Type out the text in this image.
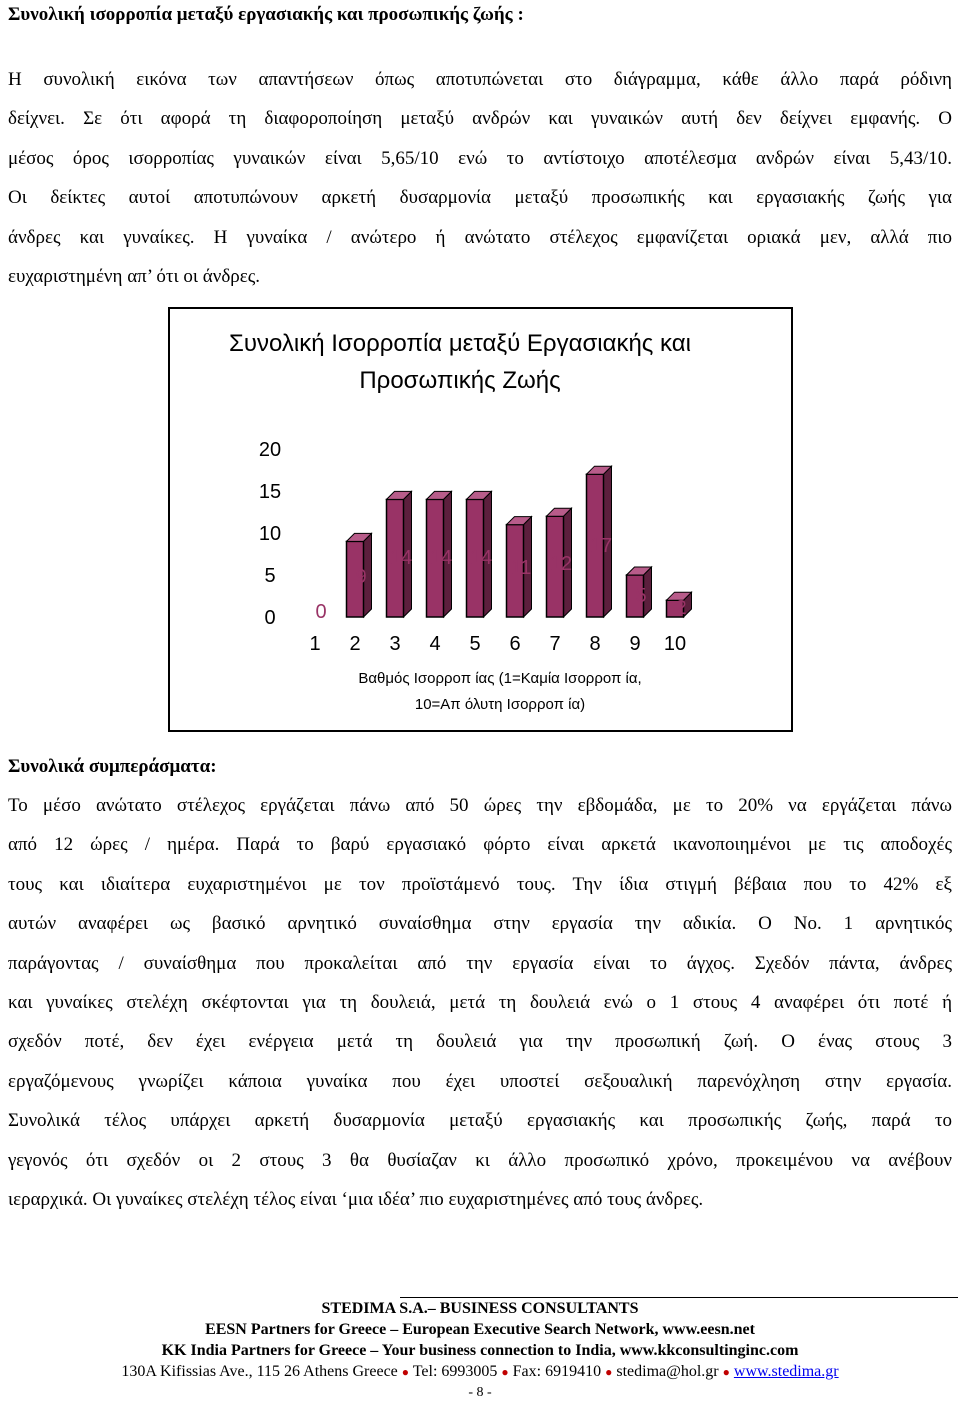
Συνολική ισορροπία μεταξύ εργασιακής και προσωπικής ζωής :
Η συνολική εικόνα των απαντήσεων όπως αποτυπώνεται στο διάγραμμα, κάθε άλλο παρά ρόδινη
δείχνει. Σε ότι αφορά τη διαφοροποίηση μεταξύ ανδρών και γυναικών αυτή δεν δείχνει εμφανής. Ο
μέσος όρος ισορροπίας γυναικών είναι 5,65/10 ενώ το αντίστοιχο αποτέλεσμα ανδρών είναι 5,43/10.
Οι δείκτες αυτοί αποτυπώνουν αρκετή δυσαρμονία μεταξύ προσωπικής και εργασιακής ζωής για
άνδρες και γυναίκες. Η γυναίκα / ανώτερο ή ανώτατο στέλεχος εμφανίζεται οριακά μεν, αλλά πιο
ευχαριστημένη απ’ ότι οι άνδρες.
Συνολική Ισορροπία μεταξύ Εργασιακής και
Προσωπικής Ζωής
0
5
10
15
20
0
9
14 14 14 11 12
17
5
2
1 2 3 4 5 6 7 8 9 10
Βαθμός Ισορροπ ίας (1=Καμία Ισορροπ ία,
10=Απ όλυτη Ισορροπ ία)
Συνολικά συμπεράσματα:
Το μέσο ανώτατο στέλεχος εργάζεται πάνω από 50 ώρες την εβδομάδα, με το 20% να εργάζεται πάνω
από 12 ώρες / ημέρα. Παρά το βαρύ εργασιακό φόρτο είναι αρκετά ικανοποιημένοι με τις αποδοχές
τους και ιδιαίτερα ευχαριστημένοι με τον προϊστάμενό τους. Την ίδια στιγμή βέβαια που το 42% εξ
αυτών αναφέρει ως βασικό αρνητικό συναίσθημα στην εργασία την αδικία. Ο Νο. 1 αρνητικός
παράγοντας / συναίσθημα που προκαλείται από την εργασία είναι το άγχος. Σχεδόν πάντα, άνδρες
και γυναίκες στελέχη σκέφτονται για τη δουλειά, μετά τη δουλειά ενώ ο 1 στους 4 αναφέρει ότι ποτέ ή
σχεδόν ποτέ, δεν έχει ενέργεια μετά τη δουλειά για την προσωπική ζωή. Ο ένας στους 3
εργαζόμενους γνωρίζει κάποια γυναίκα που έχει υποστεί σεξουαλική παρενόχληση στην εργασία.
Συνολικά τέλος υπάρχει αρκετή δυσαρμονία μεταξύ εργασιακής και προσωπικής ζωής, παρά το
γεγονός ότι σχεδόν οι 2 στους 3 θα θυσίαζαν κι άλλο προσωπικό χρόνο, προκειμένου να ανέβουν
ιεραρχικά. Οι γυναίκες στελέχη τέλος είναι ‘μια ιδέα’ πιο ευχαριστημένες από τους άνδρες.
STEDIMA S.A.– BUSINESS CONSULTANTS
EESN Partners for Greece – European Executive Search Network, www.eesn.net
KK India Partners for Greece – Your business connection to India, www.kkconsultinginc.com
130A Kifissias Ave., 115 26 Athens Greece ● Tel: 6993005 ● Fax: 6919410 ● stedima@hol.gr ● www.stedima.gr
- 8 -
